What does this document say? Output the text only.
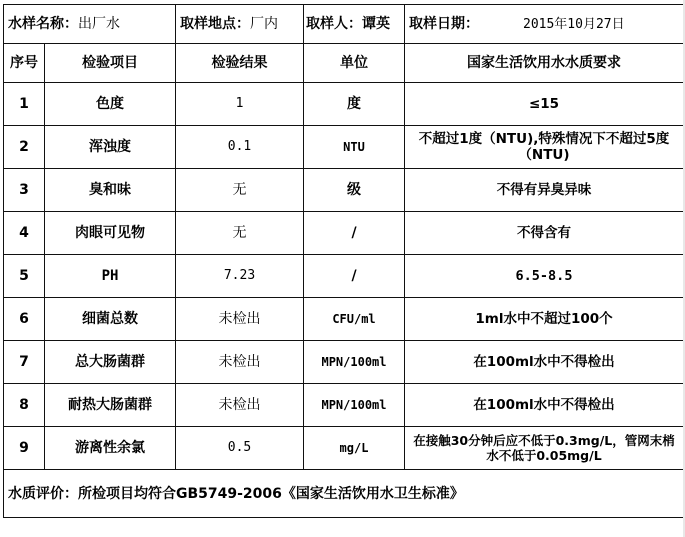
水样名称：出厂水		取样地点：厂内	取样人：谭英	取样日期： 2015年10月27日
序号	检验项目	检验结果	单位	国家生活饮用水水质要求
1	色度	1	度	≤15
2	浑浊度	0.1	NTU	不超过1度（NTU),特殊情况下不超过5度（NTU)
3	臭和味	无	级	不得有异臭异味
4	肉眼可见物	无	/	不得含有
5	PH	7.23	/	6.5-8.5
6	细菌总数	未检出	CFU/ml	1ml水中不超过100个
7	总大肠菌群	未检出	MPN/100ml	在100ml水中不得检出
8	耐热大肠菌群	未检出	MPN/100ml	在100ml水中不得检出
9	游离性余氯	0.5	mg/L	在接触30分钟后应不低于0.3mg/L，管网末梢水不低于0.05mg/L
水质评价：所检项目均符合GB5749-2006《国家生活饮用水卫生标准》				
